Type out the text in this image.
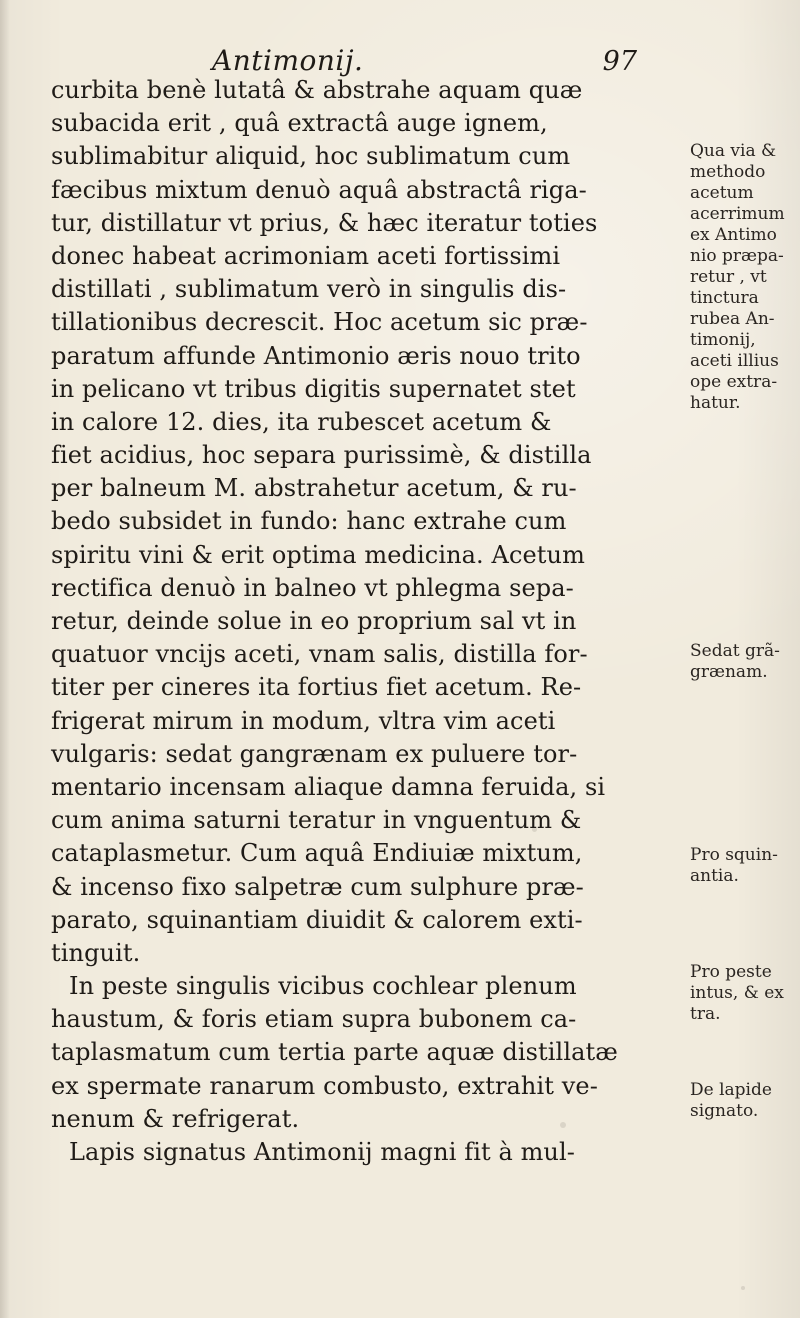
Antimonij.	97
curbita benè lutatâ & abstrahe aquam quæ
subacida erit , quâ extractâ auge ignem,
sublimabitur aliquid, hoc sublimatum cum
fæcibus mixtum denuò aquâ abstractâ riga-
tur, distillatur vt prius, & hæc iteratur toties
donec habeat acrimoniam aceti fortissimi
distillati , sublimatum verò in singulis dis-
tillationibus decrescit. Hoc acetum sic præ-
paratum affunde Antimonio æris nouo trito
in pelicano vt tribus digitis supernatet stet
in calore 12. dies, ita rubescet acetum &
fiet acidius, hoc separa purissimè, & distilla
per balneum M. abstrahetur acetum, & ru-
bedo subsidet in fundo: hanc extrahe cum
spiritu vini & erit optima medicina. Acetum
rectifica denuò in balneo vt phlegma sepa-
retur, deinde solue in eo proprium sal vt in
quatuor vncijs aceti, vnam salis, distilla for-
titer per cineres ita fortius fiet acetum. Re-
frigerat mirum in modum, vltra vim aceti
vulgaris: sedat gangrænam ex puluere tor-
mentario incensam aliaque damna feruida, si
cum anima saturni teratur in vnguentum &
cataplasmetur. Cum aquâ Endiuiæ mixtum,
& incenso fixo salpetræ cum sulphure præ-
parato, squinantiam diuidit & calorem exti-
tinguit.
In peste singulis vicibus cochlear plenum
haustum, & foris etiam supra bubonem ca-
taplasmatum cum tertia parte aquæ distillatæ
ex spermate ranarum combusto, extrahit ve-
nenum & refrigerat.
Lapis signatus Antimonij magni fit à mul-
Qua via &
methodo
acetum
acerrimum
ex Antimo
nio præpa-
retur , vt
tinctura
rubea An-
timonij,
aceti illius
ope extra-
hatur.
Sedat grã-
grænam.
Pro squin-
antia.
Pro peste
intus, & ex
tra.
De lapide
signato.
